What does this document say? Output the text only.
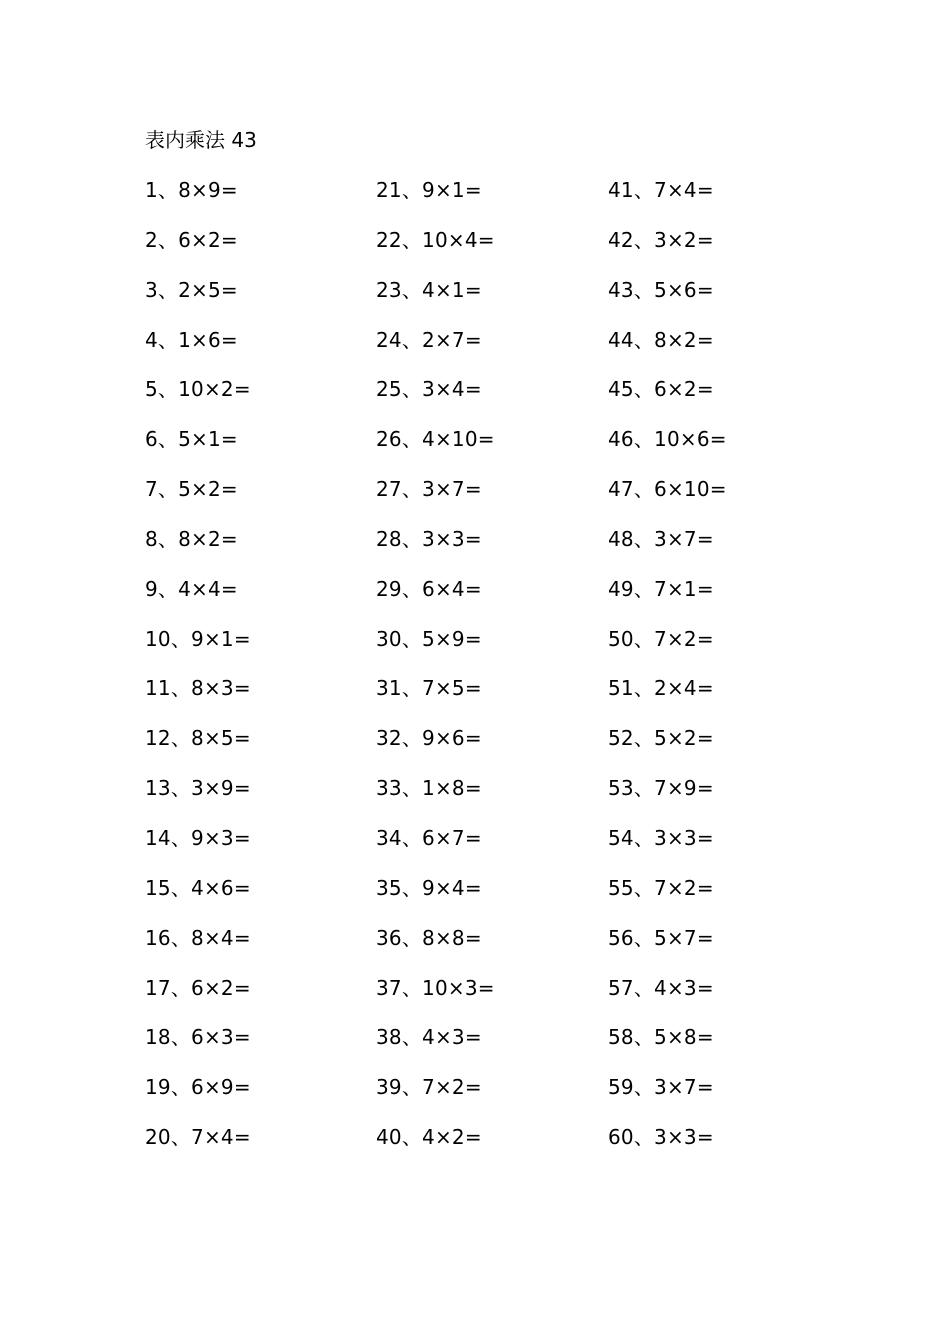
表内乘法 43
1、8×9=
2、6×2=
3、2×5=
4、1×6=
5、10×2=
6、5×1=
7、5×2=
8、8×2=
9、4×4=
10、9×1=
11、8×3=
12、8×5=
13、3×9=
14、9×3=
15、4×6=
16、8×4=
17、6×2=
18、6×3=
19、6×9=
20、7×4=
21、9×1=
22、10×4=
23、4×1=
24、2×7=
25、3×4=
26、4×10=
27、3×7=
28、3×3=
29、6×4=
30、5×9=
31、7×5=
32、9×6=
33、1×8=
34、6×7=
35、9×4=
36、8×8=
37、10×3=
38、4×3=
39、7×2=
40、4×2=
41、7×4=
42、3×2=
43、5×6=
44、8×2=
45、6×2=
46、10×6=
47、6×10=
48、3×7=
49、7×1=
50、7×2=
51、2×4=
52、5×2=
53、7×9=
54、3×3=
55、7×2=
56、5×7=
57、4×3=
58、5×8=
59、3×7=
60、3×3=
